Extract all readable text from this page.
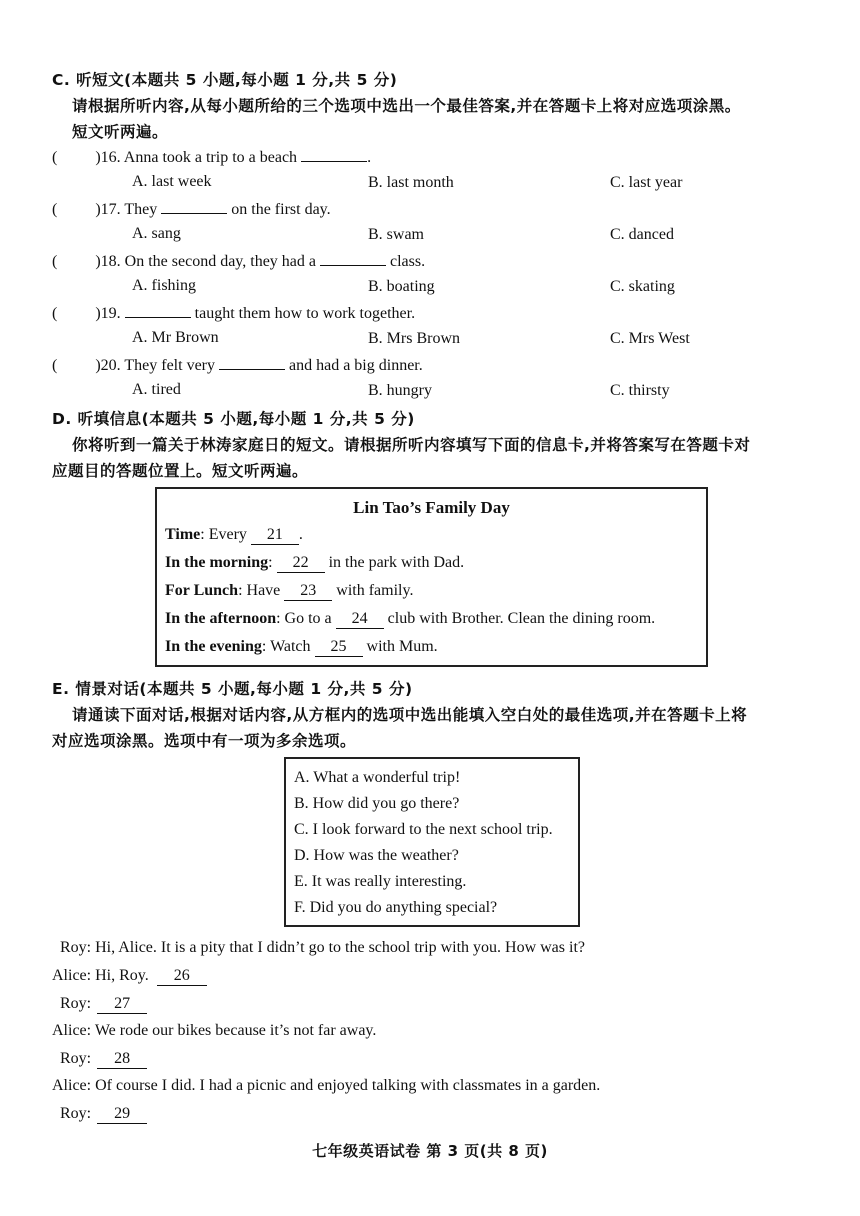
C. 听短文(本题共 5 小题,每小题 1 分,共 5 分)
请根据所听内容,从每小题所给的三个选项中选出一个最佳答案,并在答题卡上将对应选项涂黑。
短文听两遍。
( )16. Anna took a trip to a beach	.
A. last week	B. last month	C. last year
( )17. They	on the first day.
A. sang	B. swam	C. danced
( )18. On the second day, they had a	class.
A. fishing	B. boating	C. skating
( )19.	taught them how to work together.
A. Mr Brown	B. Mrs Brown	C. Mrs West
( )20. They felt very	and had a big dinner.
A. tired	B. hungry	C. thirsty
D. 听填信息(本题共 5 小题,每小题 1 分,共 5 分)
你将听到一篇关于林涛家庭日的短文。请根据所听内容填写下面的信息卡,并将答案写在答题卡对
应题目的答题位置上。短文听两遍。
Lin Tao’s Family Day
Time: Every 21 .
In the morning: 22 in the park with Dad.
For Lunch: Have 23 with family.
In the afternoon: Go to a 24 club with Brother. Clean the dining room.
In the evening: Watch 25 with Mum.
E. 情景对话(本题共 5 小题,每小题 1 分,共 5 分)
请通读下面对话,根据对话内容,从方框内的选项中选出能填入空白处的最佳选项,并在答题卡上将
对应选项涂黑。选项中有一项为多余选项。
A. What a wonderful trip!
B. How did you go there?
C. I look forward to the next school trip.
D. How was the weather?
E. It was really interesting.
F. Did you do anything special?
Roy: Hi, Alice. It is a pity that I didn’t go to the school trip with you. How was it?
Alice: Hi, Roy. 26
Roy: 27
Alice: We rode our bikes because it’s not far away.
Roy: 28
Alice: Of course I did. I had a picnic and enjoyed talking with classmates in a garden.
Roy: 29
七年级英语试卷 第 3 页(共 8 页)
